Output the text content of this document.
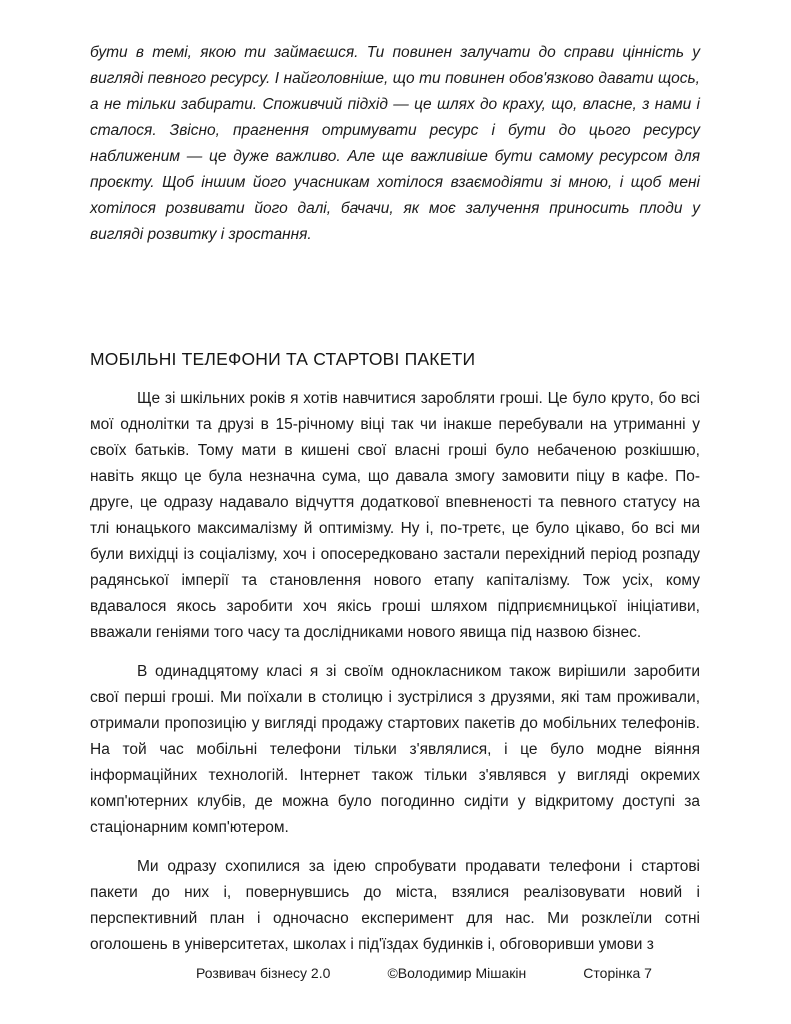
бути в темі, якою ти займаєшся. Ти повинен залучати до справи цінність у вигляді певного ресурсу. І найголовніше, що ти повинен обов'язково давати щось, а не тільки забирати. Споживчий підхід — це шлях до краху, що, власне, з нами і сталося. Звісно, прагнення отримувати ресурс і бути до цього ресурсу наближеним — це дуже важливо. Але ще важливіше бути самому ресурсом для проєкту. Щоб іншим його учасникам хотілося взаємодіяти зі мною, і щоб мені хотілося розвивати його далі, бачачи, як моє залучення приносить плоди у вигляді розвитку і зростання.

МОБІЛЬНІ ТЕЛЕФОНИ ТА СТАРТОВІ ПАКЕТИ

Ще зі шкільних років я хотів навчитися заробляти гроші. Це було круто, бо всі мої однолітки та друзі в 15-річному віці так чи інакше перебували на утриманні у своїх батьків. Тому мати в кишені свої власні гроші було небаченою розкішшю, навіть якщо це була незначна сума, що давала змогу замовити піцу в кафе. По-друге, це одразу надавало відчуття додаткової впевненості та певного статусу на тлі юнацького максималізму й оптимізму. Ну і, по-третє, це було цікаво, бо всі ми були вихідці із соціалізму, хоч і опосередковано застали перехідний період розпаду радянської імперії та становлення нового етапу капіталізму. Тож усіх, кому вдавалося якось заробити хоч якісь гроші шляхом підприємницької ініціативи, вважали геніями того часу та дослідниками нового явища під назвою бізнес.

В одинадцятому класі я зі своїм однокласником також вирішили заробити свої перші гроші. Ми поїхали в столицю і зустрілися з друзями, які там проживали, отримали пропозицію у вигляді продажу стартових пакетів до мобільних телефонів. На той час мобільні телефони тільки з'являлися, і це було модне віяння інформаційних технологій. Інтернет також тільки з'являвся у вигляді окремих комп'ютерних клубів, де можна було погодинно сидіти у відкритому доступі за стаціонарним комп'ютером.

Ми одразу схопилися за ідею спробувати продавати телефони і стартові пакети до них і, повернувшись до міста, взялися реалізовувати новий і перспективний план і одночасно експеримент для нас. Ми розклеїли сотні оголошень в університетах, школах і під'їздах будинків і, обговоривши умови з

Розвивач бізнесу 2.0	©Володимир Мішакін	Сторінка 7
